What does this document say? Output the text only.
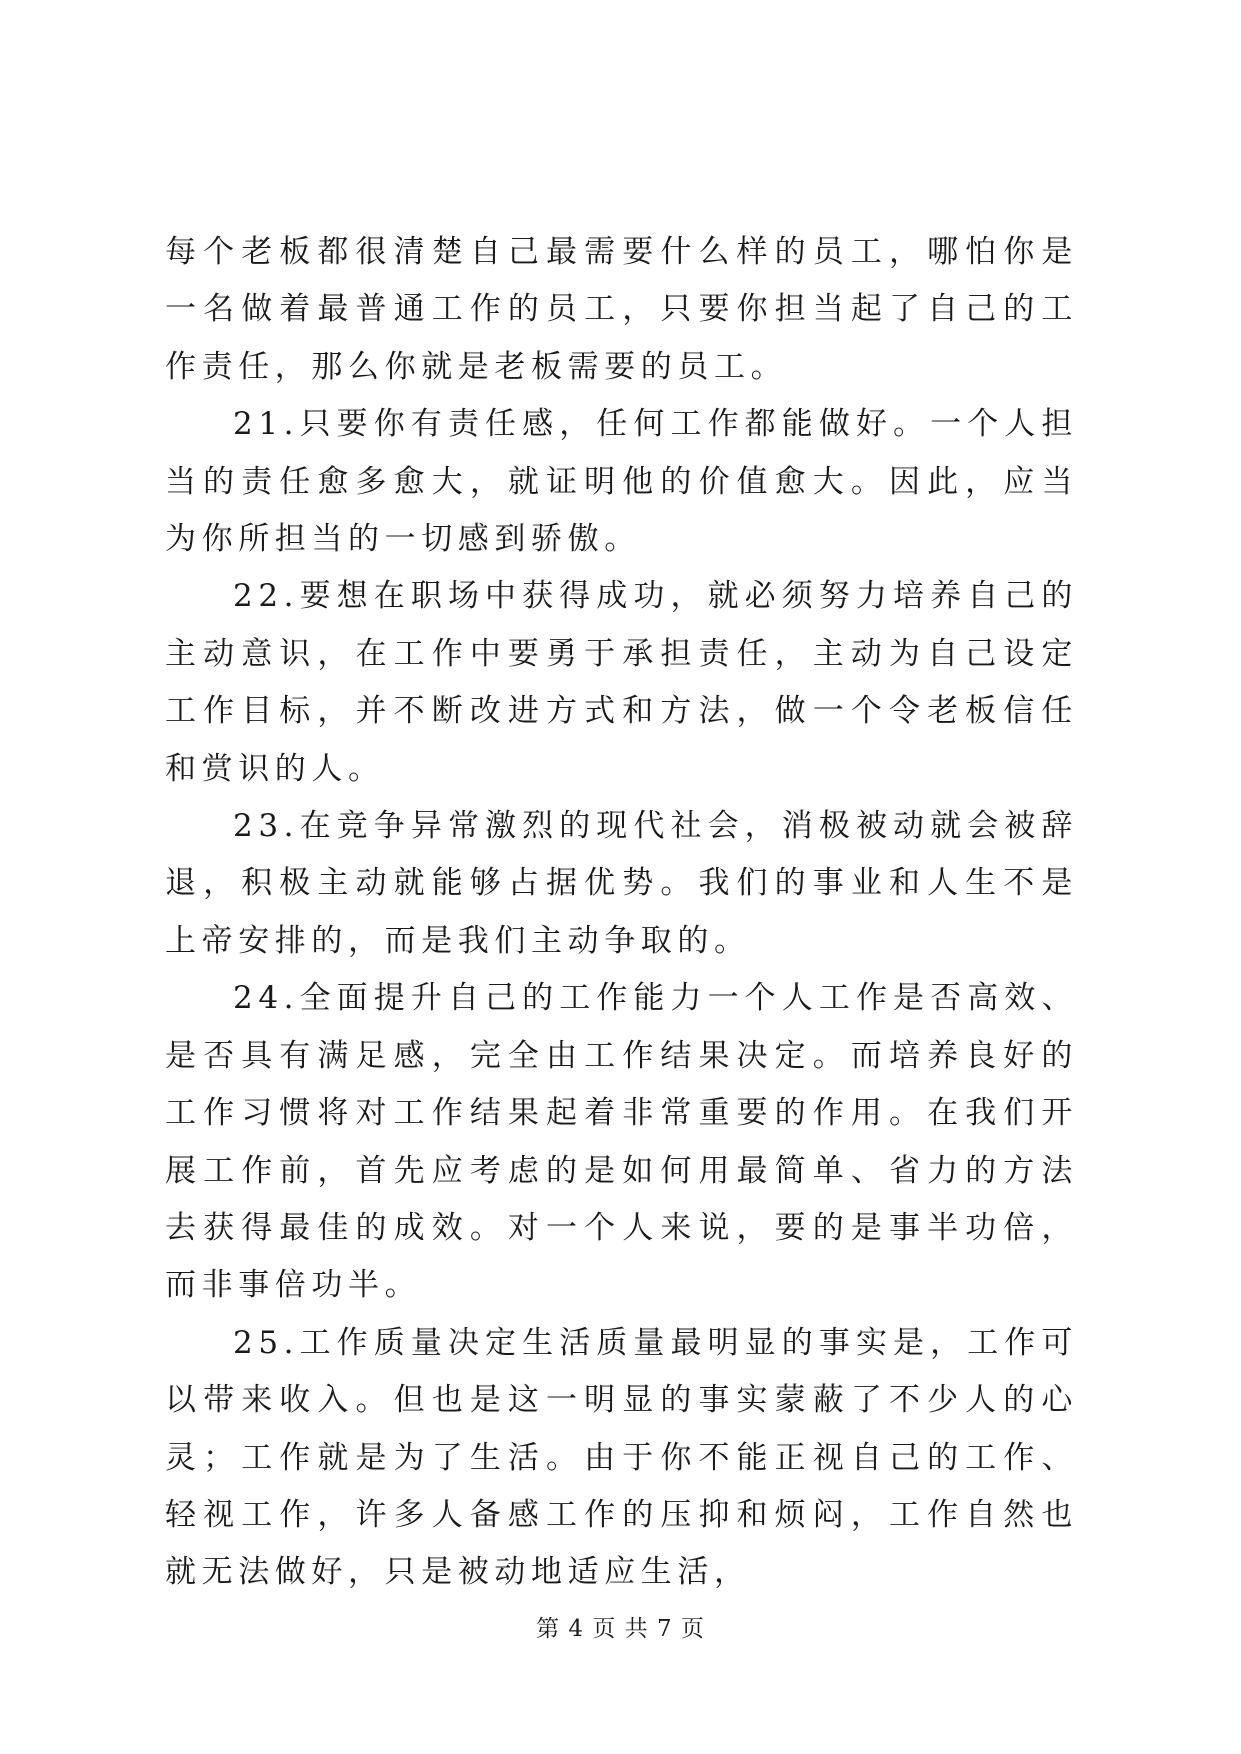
每个老板都很清楚自己最需要什么样的员工，哪怕你是一名做着最普通工作的员工，只要你担当起了自己的工作责任，那么你就是老板需要的员工。

21.只要你有责任感，任何工作都能做好。一个人担当的责任愈多愈大，就证明他的价值愈大。因此，应当为你所担当的一切感到骄傲。

22.要想在职场中获得成功，就必须努力培养自己的主动意识，在工作中要勇于承担责任，主动为自己设定工作目标，并不断改进方式和方法，做一个令老板信任和赏识的人。

23.在竞争异常激烈的现代社会，消极被动就会被辞退，积极主动就能够占据优势。我们的事业和人生不是上帝安排的，而是我们主动争取的。

24.全面提升自己的工作能力一个人工作是否高效、是否具有满足感，完全由工作结果决定。而培养良好的工作习惯将对工作结果起着非常重要的作用。在我们开展工作前，首先应考虑的是如何用最简单、省力的方法去获得最佳的成效。对一个人来说，要的是事半功倍，而非事倍功半。

25.工作质量决定生活质量最明显的事实是，工作可以带来收入。但也是这一明显的事实蒙蔽了不少人的心灵；工作就是为了生活。由于你不能正视自己的工作、轻视工作，许多人备感工作的压抑和烦闷，工作自然也就无法做好，只是被动地适应生活，

第 4 页 共 7 页
